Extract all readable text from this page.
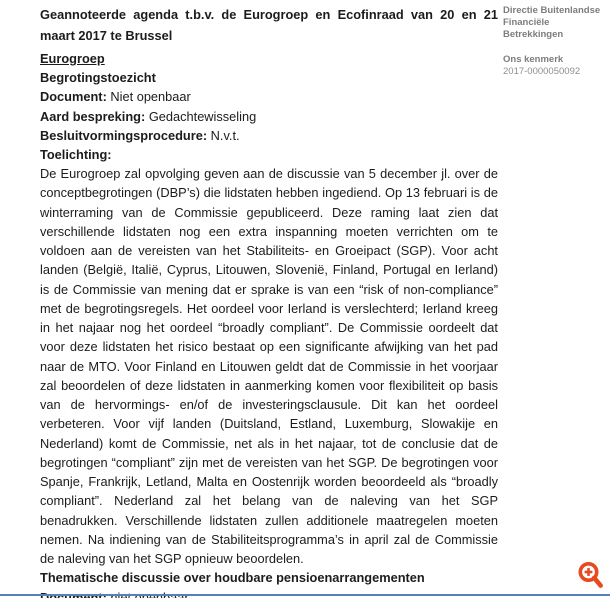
Geannoteerde agenda t.b.v. de Eurogroep en Ecofinraad van 20 en 21 maart 2017 te Brussel
Eurogroep
Begrotingstoezicht
Document: Niet openbaar
Aard bespreking: Gedachtewisseling
Besluitvormingsprocedure: N.v.t.
Toelichting:

De Eurogroep zal opvolging geven aan de discussie van 5 december jl. over de conceptbegrotingen (DBP’s) die lidstaten hebben ingediend. Op 13 februari is de winterraming van de Commissie gepubliceerd. Deze raming laat zien dat verschillende lidstaten nog een extra inspanning moeten verrichten om te voldoen aan de vereisten van het Stabiliteits- en Groeipact (SGP). Voor acht landen (België, Italië, Cyprus, Litouwen, Slovenië, Finland, Portugal en Ierland) is de Commissie van mening dat er sprake is van een “risk of non-compliance” met de begrotingsregels. Het oordeel voor Ierland is verslechterd; Ierland kreeg in het najaar nog het oordeel “broadly compliant”. De Commissie oordeelt dat voor deze lidstaten het risico bestaat op een significante afwijking van het pad naar de MTO. Voor Finland en Litouwen geldt dat de Commissie in het voorjaar zal beoordelen of deze lidstaten in aanmerking komen voor flexibiliteit op basis van de hervormings- en/of de investeringsclausule. Dit kan het oordeel verbeteren. Voor vijf landen (Duitsland, Estland, Luxemburg, Slowakije en Nederland) komt de Commissie, net als in het najaar, tot de conclusie dat de begrotingen “compliant” zijn met de vereisten van het SGP. De begrotingen voor Spanje, Frankrijk, Letland, Malta en Oostenrijk worden beoordeeld als “broadly compliant”. Nederland zal het belang van de naleving van het SGP benadrukken. Verschillende lidstaten zullen additionele maatregelen moeten nemen. Na indiening van de Stabiliteitsprogramma’s in april zal de Commissie de naleving van het SGP opnieuw beoordelen.

Thematische discussie over houdbare pensioenarrangementen
Directie Buitenlandse
Financiële Betrekkingen
Ons kenmerk
2017-0000050092
